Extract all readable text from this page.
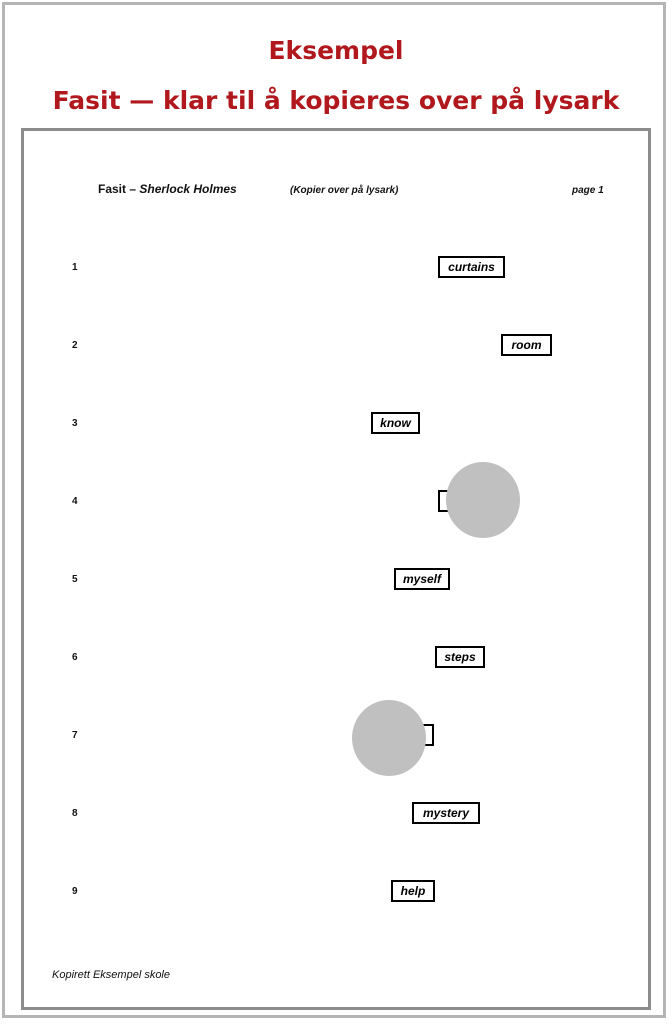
Eksempel
Fasit — klar til å kopieres over på lysark
Fasit – Sherlock Holmes	(Kopier over på lysark)	page 1
1
2
3
4
5
6
7
8
9
curtains
room
know
myself
steps
mystery
help
Kopirett Eksempel skole
